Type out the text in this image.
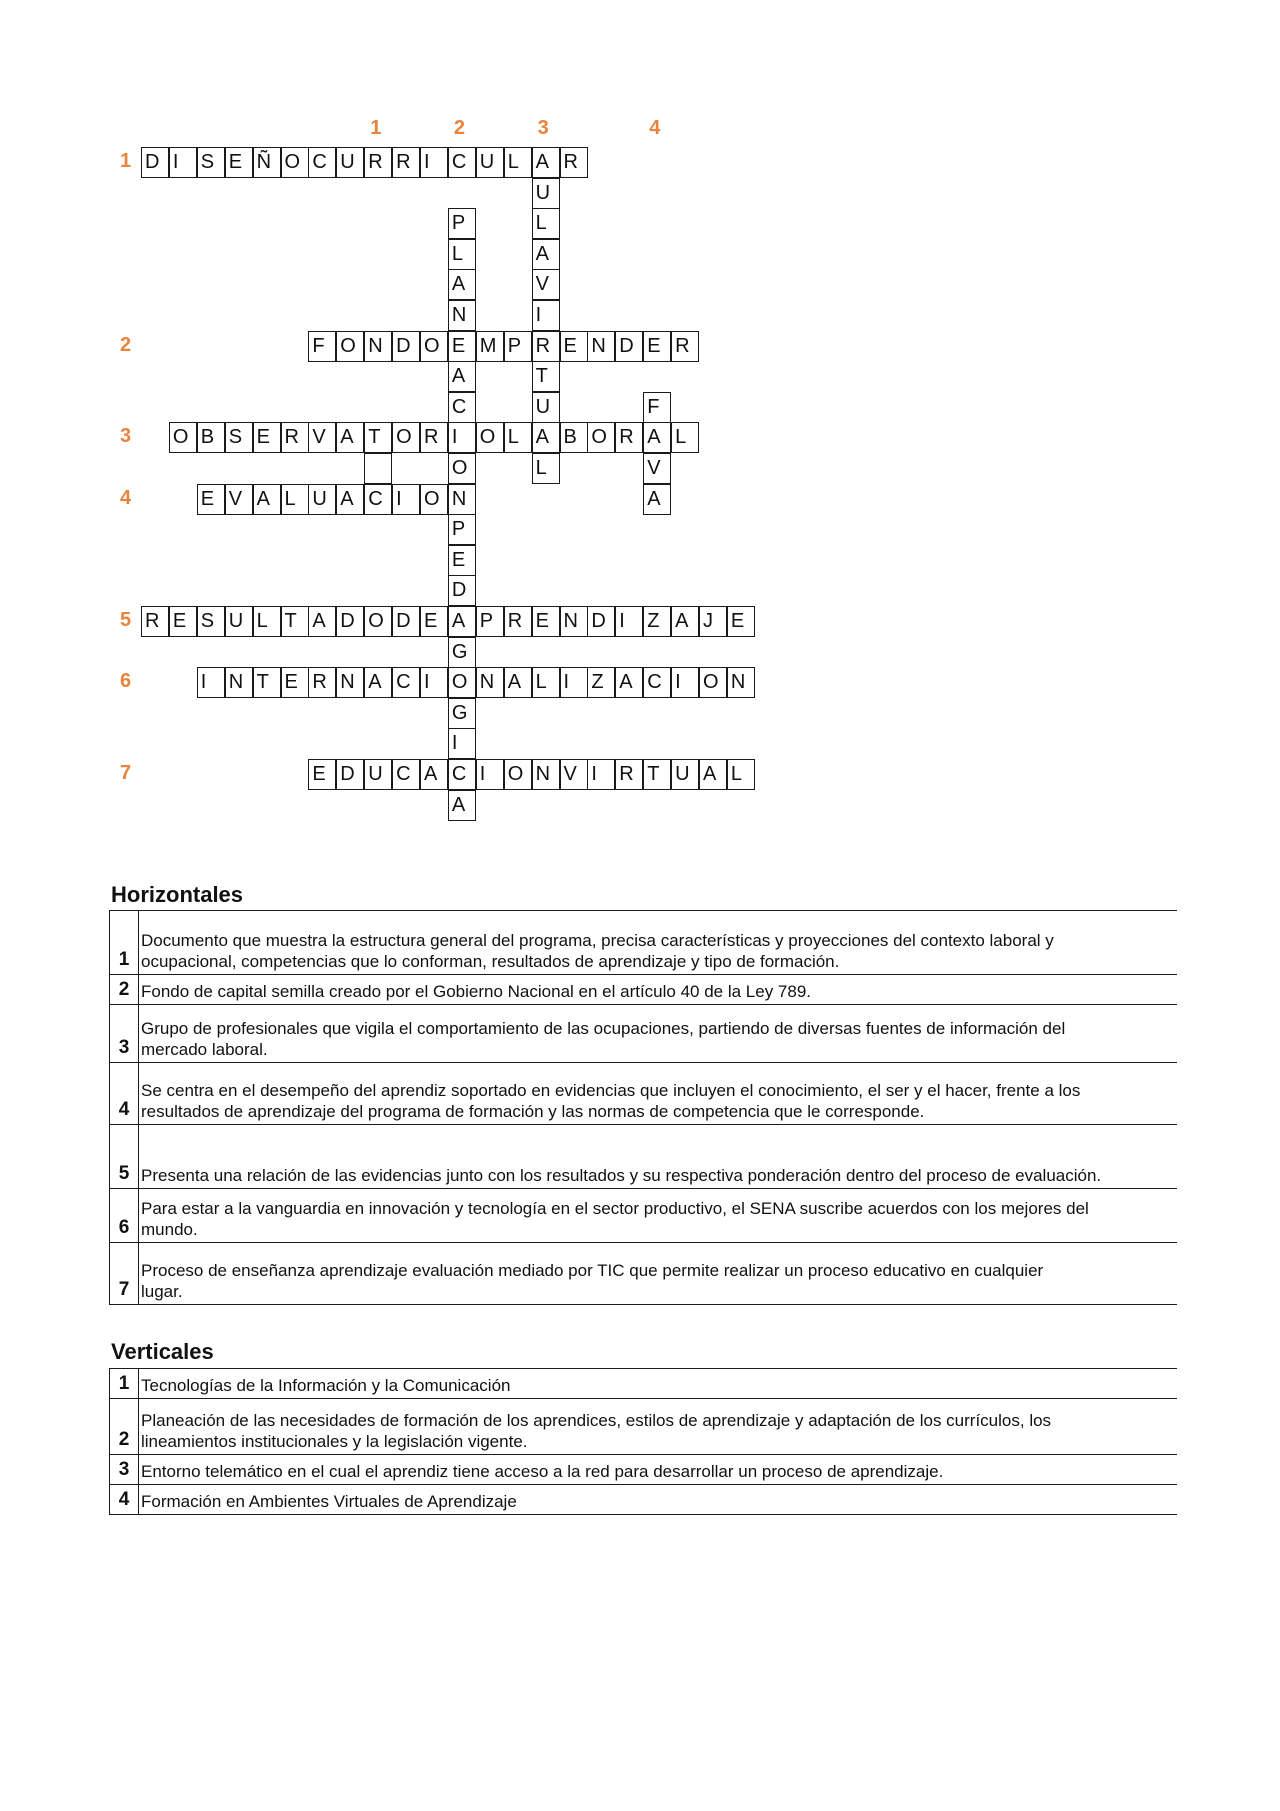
D I	S E Ñ O C U R R I	C U L A R
F O N D O E M P R E N D E R
O B S E R V A T O R I	O L A B O R A L
E V A L U A C I	O N
R E S U L T A D O D E A P R E N D I	Z A J E
I	N T E R N A C I	O N A L I	Z A C I	O N
E D U C A C I	O N V I	R T U A L
P
L
A
N
A
C
O
P
E
D
G
G
I
A
U
L
A
V
I
T
U
L
F
V
A
1	2	3	4
1
2
3
4
5
6
7
Horizontales
1	Documento que muestra la estructura general del programa, precisa características y proyecciones del contexto laboral y
ocupacional, competencias que lo conforman, resultados de aprendizaje y tipo de formación.

2	Fondo de capital semilla creado por el Gobierno Nacional en el artículo 40 de la Ley 789.

3	Grupo de profesionales que vigila el comportamiento de las ocupaciones, partiendo de diversas fuentes de información del
mercado laboral.

4	Se centra en el desempeño del aprendiz soportado en evidencias que incluyen el conocimiento, el ser y el hacer, frente a los
resultados de aprendizaje del programa de formación y las normas de competencia que le corresponde.

5	Presenta una relación de las evidencias junto con los resultados y su respectiva ponderación dentro del proceso de evaluación.

6	Para estar a la vanguardia en innovación y tecnología en el sector productivo, el SENA suscribe acuerdos con los mejores del
mundo.

7	Proceso de enseñanza aprendizaje evaluación mediado por TIC que permite realizar un proceso educativo en cualquier
lugar.
Verticales
1	Tecnologías de la Información y la Comunicación

2	Planeación de las necesidades de formación de los aprendices, estilos de aprendizaje y adaptación de los currículos, los
lineamientos institucionales y la legislación vigente.

3	Entorno telemático en el cual el aprendiz tiene acceso a la red para desarrollar un proceso de aprendizaje.

4	Formación en Ambientes Virtuales de Aprendizaje
